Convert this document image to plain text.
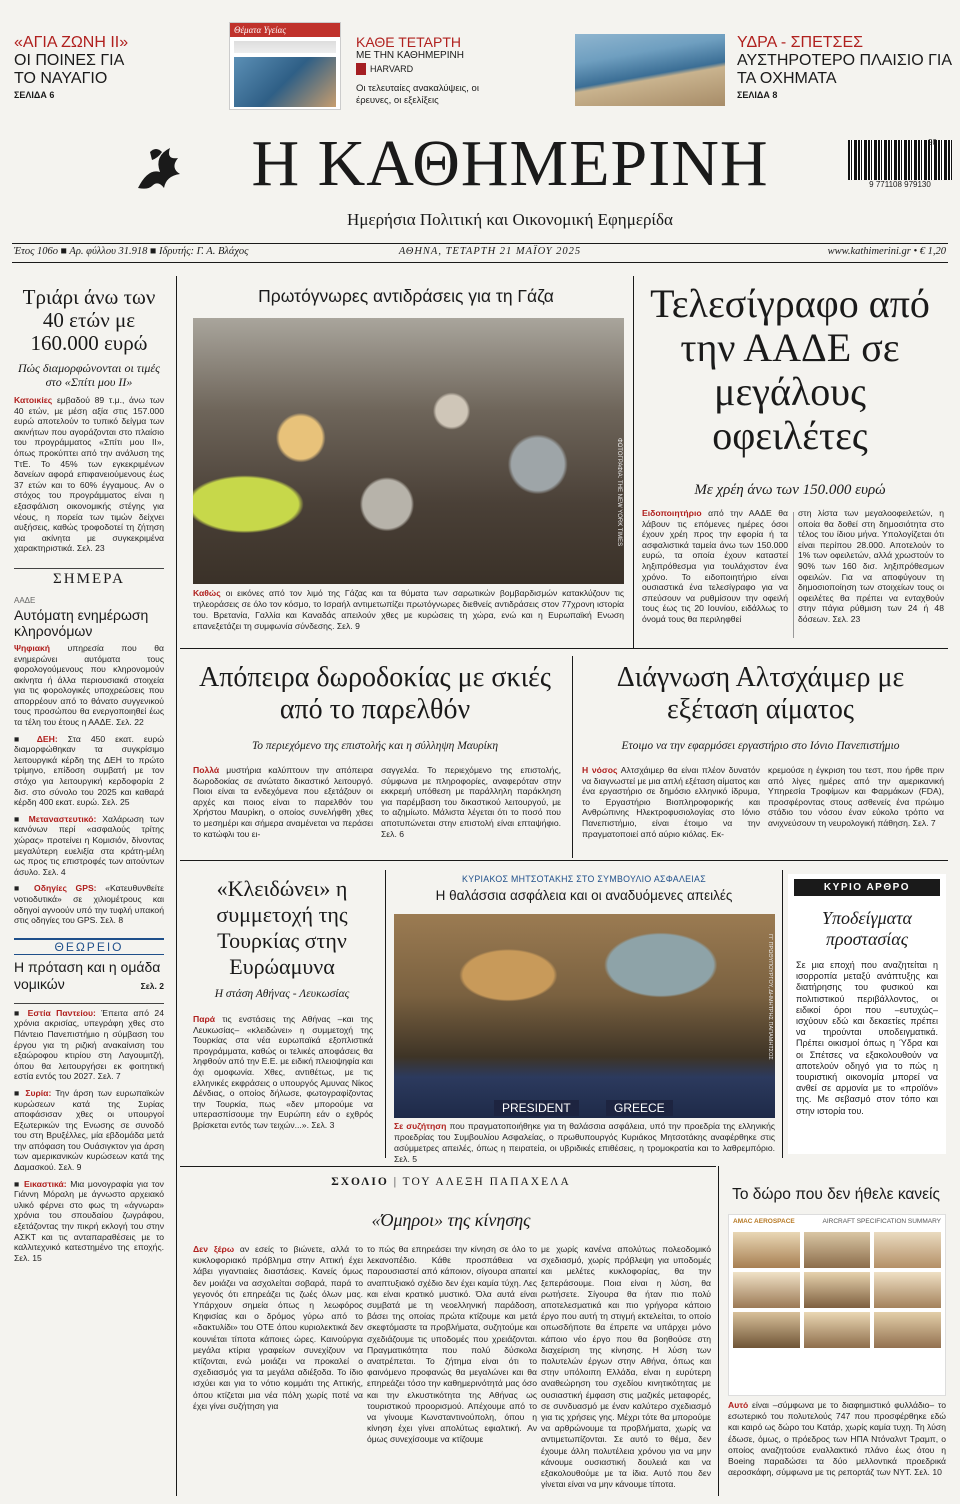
«ΑΓΙΑ ΖΩΝΗ ΙΙ»
ΟΙ ΠΟΙΝΕΣ ΓΙΑ ΤΟ ΝΑΥΑΓΙΟ
ΣΕΛΙΔΑ 6
Θέματα Υγείας
ΚΑΘΕ ΤΕΤΑΡΤΗ
ΜΕ ΤΗΝ ΚΑΘΗΜΕΡΙΝΗ
HARVARD
Οι τελευταίες ανακαλύψεις, οι έρευνες, οι εξελίξεις
ΥΔΡΑ - ΣΠΕΤΣΕΣ
ΑΥΣΤΗΡΟΤΕΡΟ ΠΛΑΙΣΙΟ ΓΙΑ ΤΑ ΟΧΗΜΑΤΑ
ΣΕΛΙΔΑ 8
Η ΚΑΘΗΜΕΡΙΝΗ
Ημερήσια Πολιτική και Οικονομική Εφημερίδα
9 771108 979130
20
Έτος 106ο ■ Αρ. φύλλου 31.918 ■ Ιδρυτής: Γ. Α. Βλάχος	ΑΘΗΝΑ, ΤΕΤΑΡΤΗ 21 ΜΑΪΟΥ 2025	www.kathimerini.gr • € 1,20
Τριάρι άνω των 40 ετών με 160.000 ευρώ
Πώς διαμορφώνονται οι τιμές στο «Σπίτι μου ΙΙ»
Κατοικίες εμβαδού 89 τ.μ., άνω των 40 ετών, με μέση αξία στις 157.000 ευρώ αποτελούν το τυπικό δείγμα των ακινήτων που αγοράζονται στο πλαίσιο του προγράμματος «Σπίτι μου ΙΙ», όπως προκύπτει από την ανάλυση της ΤτΕ. Το 45% των εγκεκριμένων δανείων αφορά επιφανειούμενους έως 37 ετών και το 60% έγγαμους. Αν ο στόχος του προγράμματος είναι η εξασφάλιση οικονομικής στέγης για νέους, η πορεία των τιμών δείχνει αυξήσεις, καθώς τροφοδοτεί τη ζήτηση για ακίνητα με συγκεκριμένα χαρακτηριστικά. Σελ. 23
ΣΗΜΕΡΑ
ΑΑΔΕ
Αυτόματη ενημέρωση κληρονόμων
Ψηφιακή υπηρεσία που θα ενημερώνει αυτόματα τους φορολογούμενους που κληρονομούν ακίνητα ή άλλα περιουσιακά στοιχεία για τις φορολογικές υποχρεώσεις που απορρέουν από το θάνατο συγγενικού τους προσώπου θα ενεργοποιηθεί έως τα τέλη του έτους η ΑΑΔΕ. Σελ. 22
■ ΔΕΗ: Στα 450 εκατ. ευρώ διαμορφώθηκαν τα συγκρίσιμο λειτουργικά κέρδη της ΔΕΗ το πρώτο τρίμηνο, επίδοση συμβατή με τον στόχο για λειτουργική κερδοφορία 2 δισ. στο σύνολο του 2025 και καθαρά κέρδη 400 εκατ. ευρώ. Σελ. 25
■ Μεταναστευτικό: Χαλάρωση των κανόνων περί «ασφαλούς τρίτης χώρας» προτείνει η Κομισιόν, δίνοντας μεγαλύτερη ευελιξία στα κράτη-μέλη ως προς τις επιστροφές των αιτούντων άσυλο. Σελ. 4
■ Οδηγίες GPS: «Κατευθυνθείτε νοτιοδυτικά» σε χιλιομέτρους και οδηγοί αγνοούν υπό την τυφλή υπακοή στις οδηγίες του GPS. Σελ. 8
ΘΕΩΡΕΙΟ
Η πρόταση και η ομάδα νομικών	Σελ. 2
■ Εστία Παντείου: Έπειτα από 24 χρόνια ακρισίας, υπεγράφη χθες στο Πάντειο Πανεπιστήμιο η σύμβαση του έργου για τη ριζική ανακαίνιση του εξαώροφου κτιρίου στη Λαγουμιτζή, όπου θα λειτουργήσει εκ φοιτητική εστία εντός του 2027. Σελ. 7
■ Συρία: Την άρση των ευρωπαϊκών κυρώσεων κατά της Συρίας αποφάσισαν χθες οι υπουργοί Εξωτερικών της Ενωσης σε συνοδό του στη Βρυξέλλες, μία εβδομάδα μετά την απόφαση του Ουάσιγκτον για άρση των αμερικανικών κυρώσεων κατά της Δαμασκού. Σελ. 9
■ Εικαστικά: Μια μονογραφία για τον Γιάννη Μόραλη με άγνωστο αρχειακό υλικό φέρνει στο φως τη «άγνωρα» χρόνια του σπουδαίου ζωγράφου, εξετάζοντας την πικρή εκλογή του στην ΑΣΚΤ και τις ανταπαραθέσεις με το καλλιτεχνικό κατεστημένο της εποχής. Σελ. 15
Πρωτόγνωρες αντιδράσεις για τη Γάζα
ΦΩΤΟΓΡΑΦΙΑ: THE NEW YORK TIMES
Καθώς οι εικόνες από τον λιμό της Γάζας και τα θύματα των σαρωτικών βομβαρδισμών κατακλύζουν τις τηλεοράσεις σε όλο τον κόσμο, το Ισραήλ αντιμετωπίζει πρωτόγνωρες διεθνείς αντιδράσεις στον 77χρονη ιστορία του. Βρετανία, Γαλλία και Καναδάς απειλούν χθες με κυρώσεις τη χώρα, ενώ και η Ευρωπαϊκή Ενωση επανεξετάζει τη συμφωνία σύνδεσης. Σελ. 9
Τελεσίγραφο από την ΑΑΔΕ σε μεγάλους οφειλέτες
Με χρέη άνω των 150.000 ευρώ
Ειδοποιητήριο από την ΑΑΔΕ θα λάβουν τις επόμενες ημέρες όσοι έχουν χρέη προς την εφορία ή τα ασφαλιστικά ταμεία άνω των 150.000 ευρώ, τα οποία έχουν καταστεί ληξιπρόθεσμα για τουλάχιστον ένα χρόνο. Το ειδοποιητήριο είναι ουσιαστικά ένα τελεσίγραφο για να σπεύσουν να ρυθμίσουν την οφειλή τους έως τις 20 Ιουνίου, ειδάλλως το όνομά τους θα περιληφθεί
στη λίστα των μεγαλοοφειλετών, η οποία θα δοθεί στη δημοσιότητα στο τέλος του ίδιου μήνα. Υπολογίζεται ότι είναι περίπου 28.000. Αποτελούν το 1% των οφειλετών, αλλά χρωστούν το 90% των 160 δισ. ληξιπρόθεσμων οφειλών. Για να αποφύγουν τη δημοσιοποίηση των στοιχείων τους οι οφειλέτες θα πρέπει να ενταχθούν στην πάγια ρύθμιση των 24 ή 48 δόσεων. Σελ. 23
Απόπειρα δωροδοκίας με σκιές από το παρελθόν
Το περιεχόμενο της επιστολής και η σύλληψη Μαυρίκη
Πολλά μυστήρια καλύπτουν την απόπειρα δωροδοκίας σε ανώτατο δικαστικό λειτουργό. Ποιοι είναι τα ενδεχόμενα που εξετάζουν οι αρχές και ποιος είναι το παρελθόν του Χρήστου Μαυρίκη, ο οποίος συνελήφθη χθες το μεσημέρι και σήμερα αναμένεται να περάσει το κατώφλι του ει-
σαγγελέα. Το περιεχόμενο της επιστολής, σύμφωνα με πληροφορίες, αναφερόταν στην εκκρεμή υπόθεση με παράλληλη παράκληση για παρέμβαση του δικαστικού λειτουργού, με το αζημίωτο. Μάλιστα λέγεται ότι το ποσό που αποτυπώνεται στην επιστολή είναι επταψήφιο. Σελ. 6
Διάγνωση Αλτσχάιμερ με εξέταση αίματος
Ετοιμο να την εφαρμόσει εργαστήριο στο Ιόνιο Πανεπιστήμιο
Η νόσος Αλτσχάιμερ θα είναι πλέον δυνατόν να διαγνωστεί με μια απλή εξέταση αίματος και ένα εργαστήριο σε δημόσιο ελληνικό ίδρυμα, το Εργαστήριο Βιοπληροφορικής και Ανθρώπινης Ηλεκτροφυσιολογίας στο Ιόνιο Πανεπιστήμιο, είναι έτοιμο να την πραγματοποιεί από αύριο κιόλας. Εκ-
κρεμούσε η έγκριση του τεστ, που ήρθε πριν από λίγες ημέρες από την αμερικανική Υπηρεσία Τροφίμων και Φαρμάκων (FDA), προσφέροντας στους ασθενείς ένα πρώιμο στάδιο του νόσου έναν εύκολο τρόπο να ανιχνεύσουν τη νευρολογική πάθηση. Σελ. 7
«Κλειδώνει» η συμμετοχή της Τουρκίας στην Ευρώαμυνα
Η στάση Αθήνας - Λευκωσίας
Παρά τις ενστάσεις της Αθήνας –και της Λευκωσίας– «κλειδώνει» η συμμετοχή της Τουρκίας στα νέα ευρωπαϊκά εξοπλιστικά προγράμματα, καθώς οι τελικές αποφάσεις θα ληφθούν από την Ε.Ε. με ειδική πλειοψηφία και όχι ομοφωνία. Χθες, αντιθέτως, με τις ελληνικές εκφράσεις ο υπουργός Αμυνας Νίκος Δένδιας, ο οποίος δήλωσε, φωτογραφίζοντας την Τουρκία, πως «δεν μπορούμε να υπερασπίσουμε την Ευρώπη εάν ο εχθρός βρίσκεται εντός των τειχών...». Σελ. 3
ΚΥΡΙΑΚΟΣ ΜΗΤΣΟΤΑΚΗΣ ΣΤΟ ΣΥΜΒΟΥΛΙΟ ΑΣΦΑΛΕΙΑΣ
Η θαλάσσια ασφάλεια και οι αναδυόμενες απειλές
PRESIDENT	GREECE
ΓΓ ΠΡΩΘΥΠΟΥΡΓΟΥ, ΔΗΜΗΤΡΗΣ ΠΑΠΑΜΗΤΣΟΣ
Σε συζήτηση που πραγματοποιήθηκε για τη θαλάσσια ασφάλεια, υπό την προεδρία της ελληνικής προεδρίας του Συμβουλίου Ασφαλείας, ο πρωθυπουργός Κυριάκος Μητσοτάκης αναφέρθηκε στις ασύμμετρες απειλές, όπως η πειρατεία, οι υβριδικές επιθέσεις, η τρομοκρατία και το λαθρεμπόριο. Σελ. 5
ΚΥΡΙΟ ΑΡΘΡΟ
Υποδείγματα προστασίας
Σε μια εποχή που αναζητείται η ισορροπία μεταξύ ανάπτυξης και διατήρησης του φυσικού και πολιτιστικού περιβάλλοντος, οι ειδικοί όροι που –ευτυχώς– ισχύουν εδώ και δεκαετίες πρέπει να τηρούνται υποδειγματικά. Πρέπει οικισμοί όπως η Ύδρα και οι Σπέτσες να εξακολουθούν να αποτελούν οδηγό για το πώς η τουριστική οικονομία μπορεί να ανθεί σε αρμονία με το «προϊόν» της. Με σεβασμό στον τόπο και στην ιστορία του.
ΣΧΟΛΙΟ | ΤΟΥ ΑΛΕΞΗ ΠΑΠΑΧΕΛΑ
«Όμηροι» της κίνησης
Δεν ξέρω αν εσείς το βιώνετε, αλλά το κυκλοφοριακό πρόβλημα στην Αττική έχει λάβει γιγαντιαίες διαστάσεις. Κανείς όμως δεν μοιάζει να ασχολείται σοβαρά, παρά το γεγονός ότι επηρεάζει τις ζωές όλων μας. Υπάρχουν σημεία όπως η λεωφόρος Κηφισίας και ο δρόμος γύρω από το «δακτυλίδι» του ΟΤΕ όπου κυριολεκτικά δεν κουνιέται τίποτα κάποιες ώρες. Καινούργια μεγάλα κτίρια γραφείων συνεχίζουν να κτίζονται, ενώ μοιάζει να προκαλεί ο σχεδιασμός για τα μεγάλα αδιέξοδα. Το ίδιο ισχύει και για το νότιο κομμάτι της Αττικής, όπου κτίζεται μια νέα πόλη χωρίς ποτέ να έχει γίνει συζήτηση για
το πώς θα επηρεάσει την κίνηση σε όλο το λεκανοπέδιο. Κάθε προσπάθεια να παρουσιαστεί από κάποιον, σίγουρα απαιτεί αναπτυξιακό σχέδιο δεν έχει καμία τύχη. Λες και είναι κρατικό μυστικό. Όλα αυτά είναι συμβατά με τη νεοελληνική παράδοση, βάσει της οποίας πρώτα κτίζουμε και μετά σκεφτόμαστε τα προβλήματα, συζητούμε και σχεδιάζουμε τις υποδομές που χρειάζονται. Πραγματικότητα που πολύ δύσκολα ανατρέπεται. Το ζήτημα είναι ότι το φαινόμενο προφανώς θα μεγαλώνει και θα επηρεάζει τόσο την καθημερινότητά μας όσο και την ελκυστικότητα της Αθήνας ως τουριστικού προορισμού. Απέχουμε από το να γίνουμε Κωνσταντινούπολη, όπου η κίνηση έχει γίνει απολύτως εφιαλτική. Αν όμως συνεχίσουμε να κτίζουμε
με χωρίς κανένα απολύτως πολεοδομικό σχεδιασμό, χωρίς πρόβλεψη για υποδομές και μελέτες κυκλοφορίας, θα την ξεπεράσουμε. Ποια είναι η λύση, θα ρωτήσετε. Σίγουρα θα ήταν πιο πολύ αποτελεσματικά και πιο γρήγορα κάποιο έργο που αυτή τη στιγμή εκτελείται, το οποίο οπωσδήποτε θα έπρεπε να υπάρχει μόνο κάποιο νέο έργο που θα βοηθούσε στη διαχείριση της κίνησης. Η λύση των πολυτελών έργων στην Αθήνα, όπως και στην υπόλοιπη Ελλάδα, είναι η ευρύτερη αναθεώρηση του σχεδίου κινητικότητας με ουσιαστική έμφαση στις μαζικές μεταφορές, σε συνδυασμό με έναν καλύτερο σχεδιασμό για τις χρήσεις γης. Μέχρι τότε θα μπορούμε να αρθρώνουμε τα προβλήματα, χωρίς να αντιμετωπίζονται. Σε αυτό το θέμα, δεν έχουμε άλλη πολυτέλεια χρόνου για να μην κάνουμε ουσιαστική δουλειά και να εξακολουθούμε με τα ίδια. Αυτό που δεν γίνεται είναι να μην κάνουμε τίποτα.
Το δώρο που δεν ήθελε κανείς
AMAC AEROSPACE	AIRCRAFT SPECIFICATION SUMMARY
Αυτό είναι –σύμφωνα με το διαφημιστικό φυλλάδιο– το εσωτερικό του πολυτελούς 747 που προσφέρθηκε εδώ και καιρό ως δώρο του Κατάρ, χωρίς καμία τυχη. Τη λύση έδωσε, όμως, ο πρόεδρος των ΗΠΑ Ντόναλντ Τραμπ, ο οποίος αναζητούσε εναλλακτικό πλάνο έως ότου η Boeing παραδώσει τα δύο μελλοντικά προεδρικά αεροσκάφη, σύμφωνα με τις ρεπορτάζ των NYT. Σελ. 10
